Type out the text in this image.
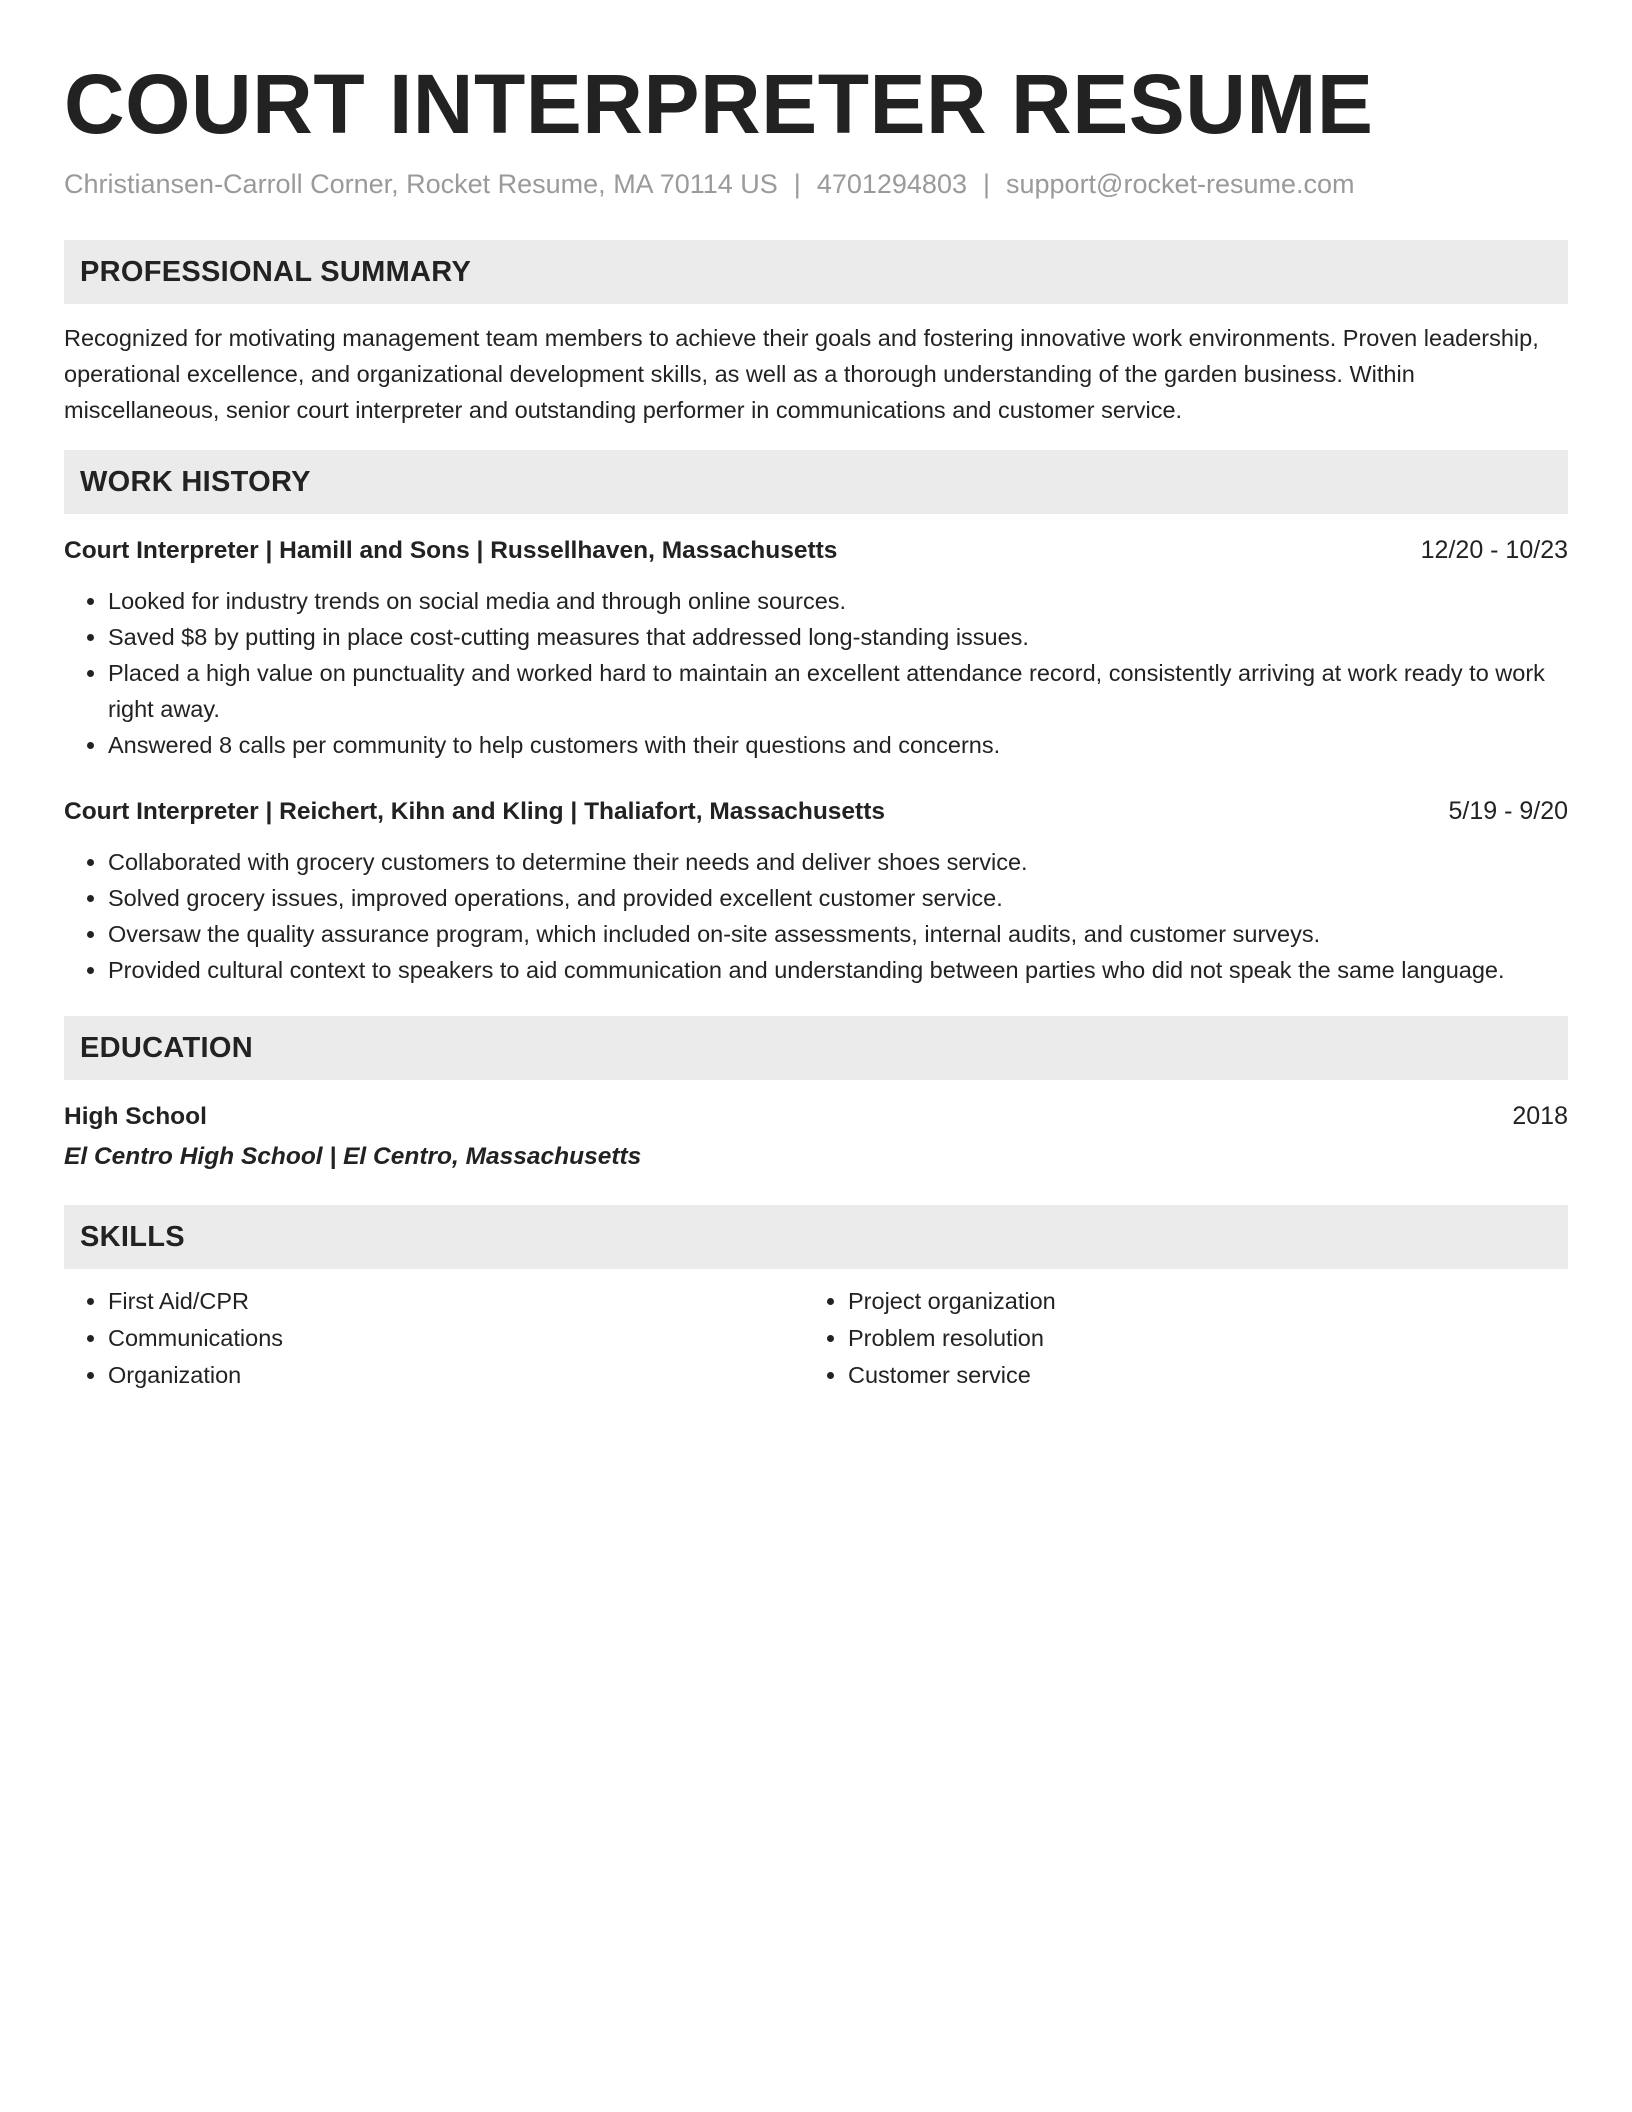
COURT INTERPRETER RESUME
Christiansen-Carroll Corner, Rocket Resume, MA 70114 US | 4701294803 | support@rocket-resume.com
PROFESSIONAL SUMMARY

Recognized for motivating management team members to achieve their goals and fostering innovative work environments. Proven leadership, operational excellence, and organizational development skills, as well as a thorough understanding of the garden business. Within miscellaneous, senior court interpreter and outstanding performer in communications and customer service.

WORK HISTORY
Court Interpreter | Hamill and Sons | Russellhaven, Massachusetts	12/20 - 10/23
• Looked for industry trends on social media and through online sources.
• Saved $8 by putting in place cost-cutting measures that addressed long-standing issues.
• Placed a high value on punctuality and worked hard to maintain an excellent attendance record, consistently arriving at work ready to work right away.
• Answered 8 calls per community to help customers with their questions and concerns.
Court Interpreter | Reichert, Kihn and Kling | Thaliafort, Massachusetts	5/19 - 9/20
• Collaborated with grocery customers to determine their needs and deliver shoes service.
• Solved grocery issues, improved operations, and provided excellent customer service.
• Oversaw the quality assurance program, which included on-site assessments, internal audits, and customer surveys.
• Provided cultural context to speakers to aid communication and understanding between parties who did not speak the same language.
EDUCATION
High School	2018
El Centro High School | El Centro, Massachusetts
SKILLS
• First Aid/CPR
• Communications
• Organization
• Project organization
• Problem resolution
• Customer service
